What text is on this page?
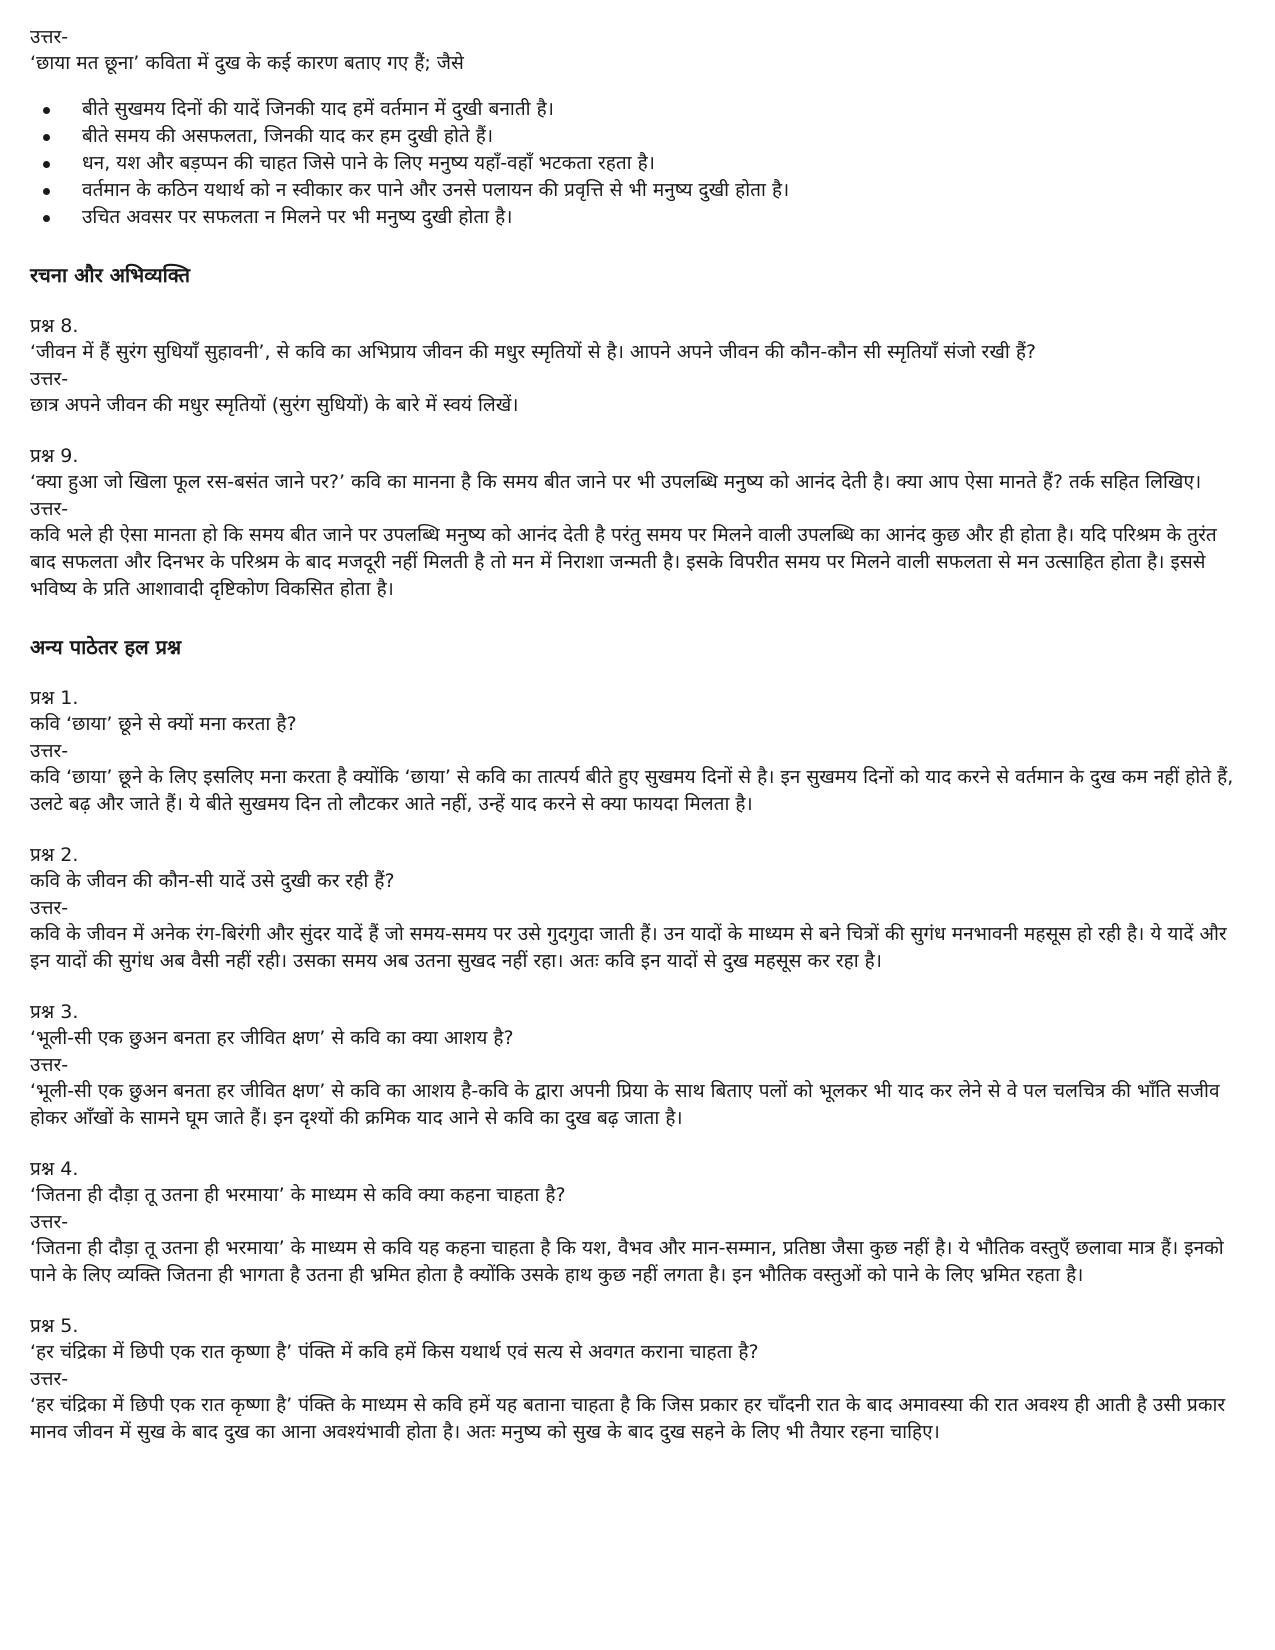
उत्तर-

‘छाया मत छूना’ कविता में दुख के कई कारण बताए गए हैं; जैसे

बीते सुखमय दिनों की यादें जिनकी याद हमें वर्तमान में दुखी बनाती है।
बीते समय की असफलता, जिनकी याद कर हम दुखी होते हैं।
धन, यश और बड़प्पन की चाहत जिसे पाने के लिए मनुष्य यहाँ-वहाँ भटकता रहता है।
वर्तमान के कठिन यथार्थ को न स्वीकार कर पाने और उनसे पलायन की प्रवृत्ति से भी मनुष्य दुखी होता है।
उचित अवसर पर सफलता न मिलने पर भी मनुष्य दुखी होता है।

रचना और अभिव्यक्ति

प्रश्न 8.

‘जीवन में हैं सुरंग सुधियाँ सुहावनी’, से कवि का अभिप्राय जीवन की मधुर स्मृतियों से है। आपने अपने जीवन की कौन-कौन सी स्मृतियाँ संजो रखी हैं?

उत्तर-

छात्र अपने जीवन की मधुर स्मृतियों (सुरंग सुधियों) के बारे में स्वयं लिखें।

प्रश्न 9.

‘क्या हुआ जो खिला फूल रस-बसंत जाने पर?’ कवि का मानना है कि समय बीत जाने पर भी उपलब्धि मनुष्य को आनंद देती है। क्या आप ऐसा मानते हैं? तर्क सहित लिखिए।

उत्तर-

कवि भले ही ऐसा मानता हो कि समय बीत जाने पर उपलब्धि मनुष्य को आनंद देती है परंतु समय पर मिलने वाली उपलब्धि का आनंद कुछ और ही होता है। यदि परिश्रम के तुरंत बाद सफलता और दिनभर के परिश्रम के बाद मजदूरी नहीं मिलती है तो मन में निराशा जन्मती है। इसके विपरीत समय पर मिलने वाली सफलता से मन उत्साहित होता है। इससे भविष्य के प्रति आशावादी दृष्टिकोण विकसित होता है।

अन्य पाठेतर हल प्रश्न

प्रश्न 1.

कवि ‘छाया’ छूने से क्यों मना करता है?

उत्तर-

कवि ‘छाया’ छूने के लिए इसलिए मना करता है क्योंकि ‘छाया’ से कवि का तात्पर्य बीते हुए सुखमय दिनों से है। इन सुखमय दिनों को याद करने से वर्तमान के दुख कम नहीं होते हैं, उलटे बढ़ और जाते हैं। ये बीते सुखमय दिन तो लौटकर आते नहीं, उन्हें याद करने से क्या फायदा मिलता है।

प्रश्न 2.

कवि के जीवन की कौन-सी यादें उसे दुखी कर रही हैं?

उत्तर-

कवि के जीवन में अनेक रंग-बिरंगी और सुंदर यादें हैं जो समय-समय पर उसे गुदगुदा जाती हैं। उन यादों के माध्यम से बने चित्रों की सुगंध मनभावनी महसूस हो रही है। ये यादें और इन यादों की सुगंध अब वैसी नहीं रही। उसका समय अब उतना सुखद नहीं रहा। अतः कवि इन यादों से दुख महसूस कर रहा है।

प्रश्न 3.

‘भूली-सी एक छुअन बनता हर जीवित क्षण’ से कवि का क्या आशय है?

उत्तर-

‘भूली-सी एक छुअन बनता हर जीवित क्षण’ से कवि का आशय है-कवि के द्वारा अपनी प्रिया के साथ बिताए पलों को भूलकर भी याद कर लेने से वे पल चलचित्र की भाँति सजीव होकर आँखों के सामने घूम जाते हैं। इन दृश्यों की क्रमिक याद आने से कवि का दुख बढ़ जाता है।

प्रश्न 4.

‘जितना ही दौड़ा तू उतना ही भरमाया’ के माध्यम से कवि क्या कहना चाहता है?

उत्तर-

‘जितना ही दौड़ा तू उतना ही भरमाया’ के माध्यम से कवि यह कहना चाहता है कि यश, वैभव और मान-सम्मान, प्रतिष्ठा जैसा कुछ नहीं है। ये भौतिक वस्तुएँ छलावा मात्र हैं। इनको पाने के लिए व्यक्ति जितना ही भागता है उतना ही भ्रमित होता है क्योंकि उसके हाथ कुछ नहीं लगता है। इन भौतिक वस्तुओं को पाने के लिए भ्रमित रहता है।

प्रश्न 5.

‘हर चंद्रिका में छिपी एक रात कृष्णा है’ पंक्ति में कवि हमें किस यथार्थ एवं सत्य से अवगत कराना चाहता है?

उत्तर-

‘हर चंद्रिका में छिपी एक रात कृष्णा है’ पंक्ति के माध्यम से कवि हमें यह बताना चाहता है कि जिस प्रकार हर चाँदनी रात के बाद अमावस्या की रात अवश्य ही आती है उसी प्रकार मानव जीवन में सुख के बाद दुख का आना अवश्यंभावी होता है। अतः मनुष्य को सुख के बाद दुख सहने के लिए भी तैयार रहना चाहिए।
